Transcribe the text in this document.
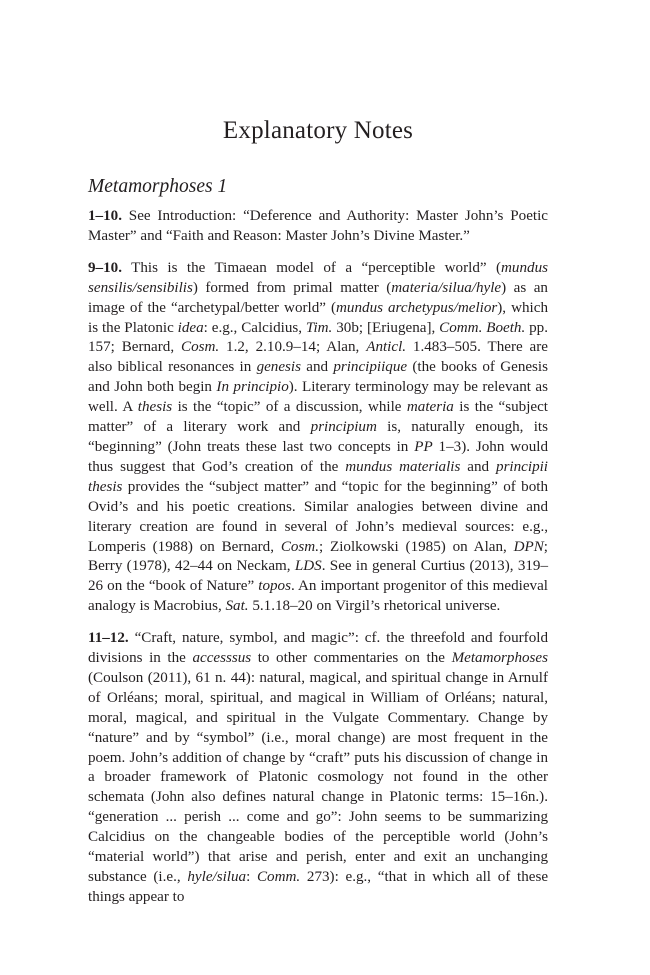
Explanatory Notes
Metamorphoses 1

1–10. See Introduction: “Deference and Authority: Master John’s Poetic Master” and “Faith and Reason: Master John’s Divine Master.”

9–10. This is the Timaean model of a “perceptible world” (mundus sensilis/sensibilis) formed from primal matter (materia/silua/hyle) as an image of the “archetypal/better world” (mundus archetypus/melior), which is the Platonic idea: e.g., Calcidius, Tim. 30b; [Eriugena], Comm. Boeth. pp. 157; Bernard, Cosm. 1.2, 2.10.9–14; Alan, Anticl. 1.483–505. There are also biblical resonances in genesis and principiique (the books of Genesis and John both begin In principio). Literary terminology may be relevant as well. A thesis is the “topic” of a discussion, while materia is the “subject matter” of a literary work and principium is, naturally enough, its “beginning” (John treats these last two concepts in PP 1–3). John would thus suggest that God’s creation of the mundus materialis and principii thesis provides the “subject matter” and “topic for the beginning” of both Ovid’s and his poetic creations. Similar analogies between divine and literary creation are found in several of John’s medieval sources: e.g., Lomperis (1988) on Bernard, Cosm.; Ziolkowski (1985) on Alan, DPN; Berry (1978), 42–44 on Neckam, LDS. See in general Curtius (2013), 319–26 on the “book of Nature” topos. An important progenitor of this medieval analogy is Macrobius, Sat. 5.1.18–20 on Virgil’s rhetorical universe.

11–12. “Craft, nature, symbol, and magic”: cf. the threefold and fourfold divisions in the accesssus to other commentaries on the Metamorphoses (Coulson (2011), 61 n. 44): natural, magical, and spiritual change in Arnulf of Orléans; moral, spiritual, and magical in William of Orléans; natural, moral, magical, and spiritual in the Vulgate Commentary. Change by “nature” and by “symbol” (i.e., moral change) are most frequent in the poem. John’s addition of change by “craft” puts his discussion of change in a broader framework of Platonic cosmology not found in the other schemata (John also defines natural change in Platonic terms: 15–16n.). “generation ... perish ... come and go”: John seems to be summarizing Calcidius on the changeable bodies of the perceptible world (John’s “material world”) that arise and perish, enter and exit an unchanging substance (i.e., hyle/silua: Comm. 273): e.g., “that in which all of these things appear to
